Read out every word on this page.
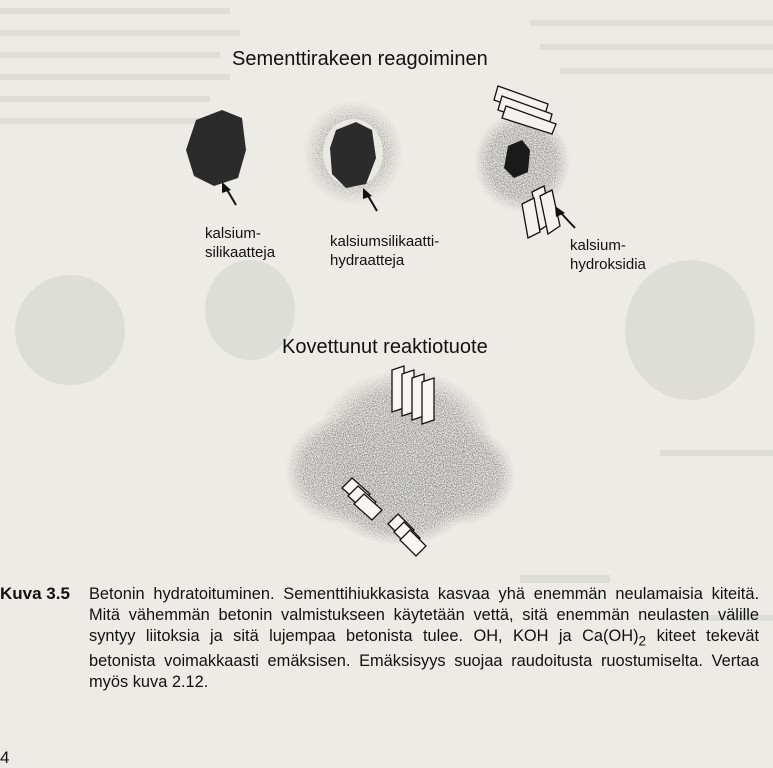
Sementtirakeen reagoiminen
Kovettunut reaktiotuote
kalsium-
silikaatteja
kalsiumsilikaatti-
hydraatteja
kalsium-
hydroksidia
Kuva 3.5 Betonin hydratoituminen. Sementtihiukkasista kasvaa yhä enemmän neulamaisia kiteitä. Mitä vähemmän betonin valmistukseen käytetään vettä, sitä enemmän neulasten välille syntyy liitoksia ja sitä lujempaa betonista tulee. OH, KOH ja $Ca(OH)_2$ kiteet tekevät betonista voimakkaasti emäksisen. Emäksisyys suojaa raudoitusta ruostumiselta. Vertaa myös kuva 2.12.
4
